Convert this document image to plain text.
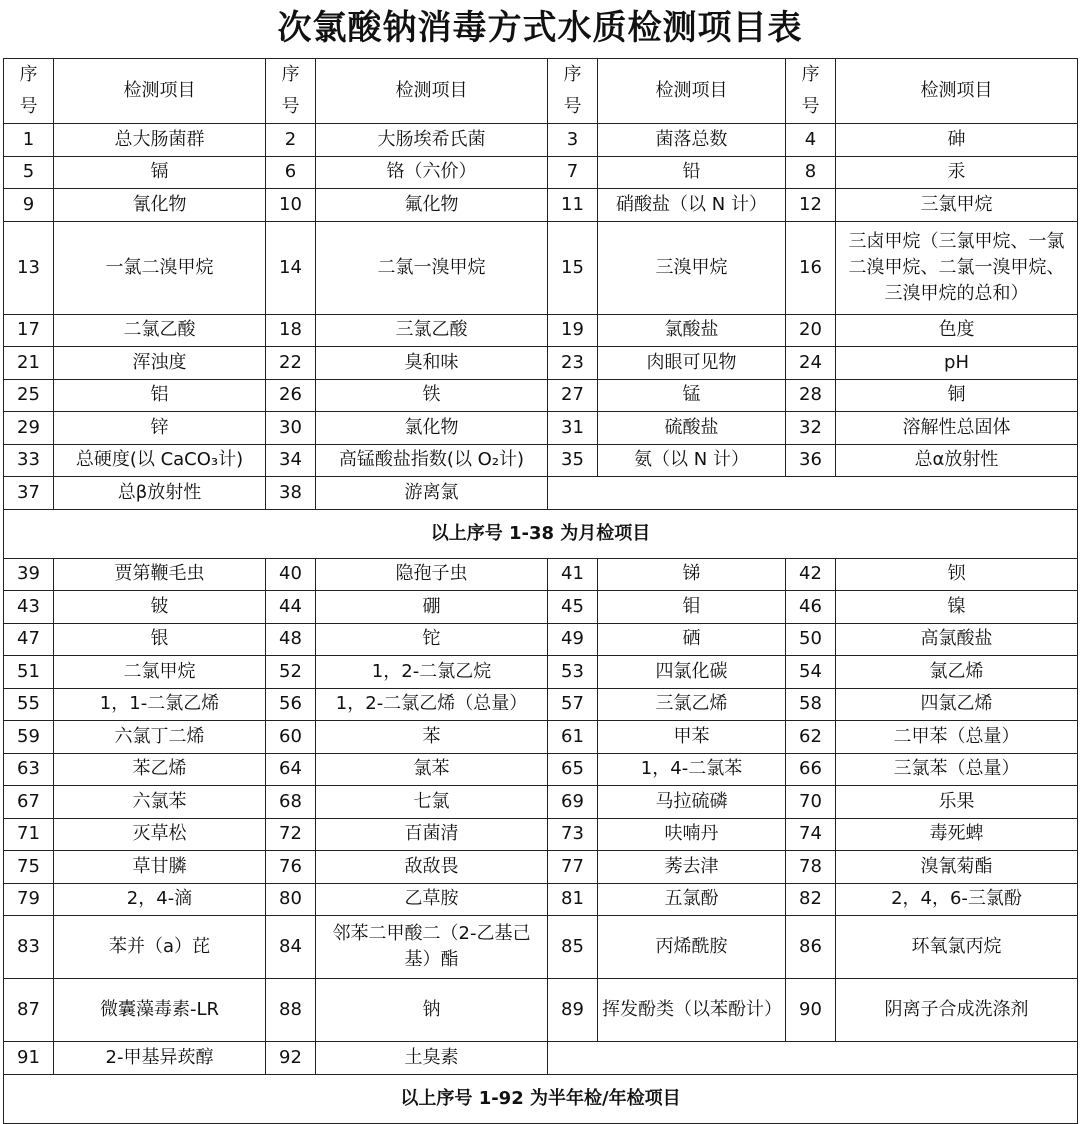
次氯酸钠消毒方式水质检测项目表
序
号	检测项目	序
号	检测项目	序
号	检测项目	序
号	检测项目
1	总大肠菌群	2	大肠埃希氏菌	3	菌落总数	4	砷
5	镉	6	铬（六价）	7	铅	8	汞
9	氰化物	10	氟化物	11	硝酸盐（以 N 计）	12	三氯甲烷
13	一氯二溴甲烷	14	二氯一溴甲烷	15	三溴甲烷	16	三卤甲烷（三氯甲烷、一氯二溴甲烷、二氯一溴甲烷、三溴甲烷的总和）
17	二氯乙酸	18	三氯乙酸	19	氯酸盐	20	色度
21	浑浊度	22	臭和味	23	肉眼可见物	24	pH
25	铝	26	铁	27	锰	28	铜
29	锌	30	氯化物	31	硫酸盐	32	溶解性总固体
33	总硬度(以 CaCO₃计)	34	高锰酸盐指数(以 O₂计)	35	氨（以 N 计）	36	总α放射性
37	总β放射性	38	游离氯				
以上序号 1-38 为月检项目							
39	贾第鞭毛虫	40	隐孢子虫	41	锑	42	钡
43	铍	44	硼	45	钼	46	镍
47	银	48	铊	49	硒	50	高氯酸盐
51	二氯甲烷	52	1，2-二氯乙烷	53	四氯化碳	54	氯乙烯
55	1，1-二氯乙烯	56	1，2-二氯乙烯（总量）	57	三氯乙烯	58	四氯乙烯
59	六氯丁二烯	60	苯	61	甲苯	62	二甲苯（总量）
63	苯乙烯	64	氯苯	65	1，4-二氯苯	66	三氯苯（总量）
67	六氯苯	68	七氯	69	马拉硫磷	70	乐果
71	灭草松	72	百菌清	73	呋喃丹	74	毒死蜱
75	草甘膦	76	敌敌畏	77	莠去津	78	溴氰菊酯
79	2，4-滴	80	乙草胺	81	五氯酚	82	2，4，6-三氯酚
83	苯并（a）芘	84	邻苯二甲酸二（2-乙基己基）酯	85	丙烯酰胺	86	环氧氯丙烷
87	微囊藻毒素-LR	88	钠	89	挥发酚类（以苯酚计）	90	阴离子合成洗涤剂
91	2-甲基异莰醇	92	土臭素				
以上序号 1-92 为半年检/年检项目							
